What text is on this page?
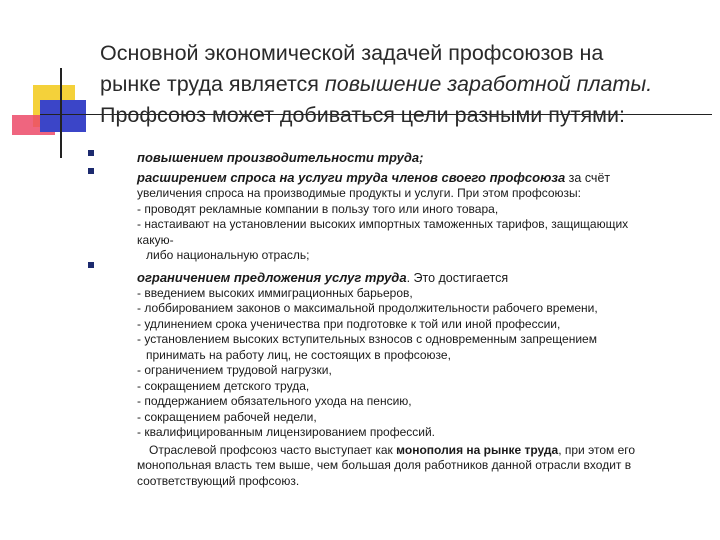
Основной экономической задачей профсоюзов на
рынке труда является повышение заработной платы.
Профсоюз может добиваться цели разными путями:

повышением производительности труда;

расширением спроса на услуги труда членов своего профсоюза за счёт

увеличения спроса на производимые продукты и услуги. При этом профсоюзы:

- проводят рекламные компании в пользу того или иного товара,

- настаивают на установлении высоких импортных таможенных тарифов, защищающих какую-

либо национальную отрасль;

ограничением предложения услуг труда. Это достигается

- введением высоких иммиграционных барьеров,

- лоббированием законов о максимальной продолжительности рабочего времени,

- удлинением срока ученичества при подготовке к той или иной профессии,

- установлением высоких вступительных взносов с одновременным запрещением

принимать на работу лиц, не состоящих в профсоюзе,

- ограничением трудовой нагрузки,

- сокращением детского труда,

- поддержанием обязательного ухода на пенсию,

- сокращением рабочей недели,

- квалифицированным лицензированием профессий.

Отраслевой профсоюз часто выступает как монополия на рынке труда, при этом его монопольная власть тем выше, чем большая доля работников данной отрасли входит в соответствующий профсоюз.
